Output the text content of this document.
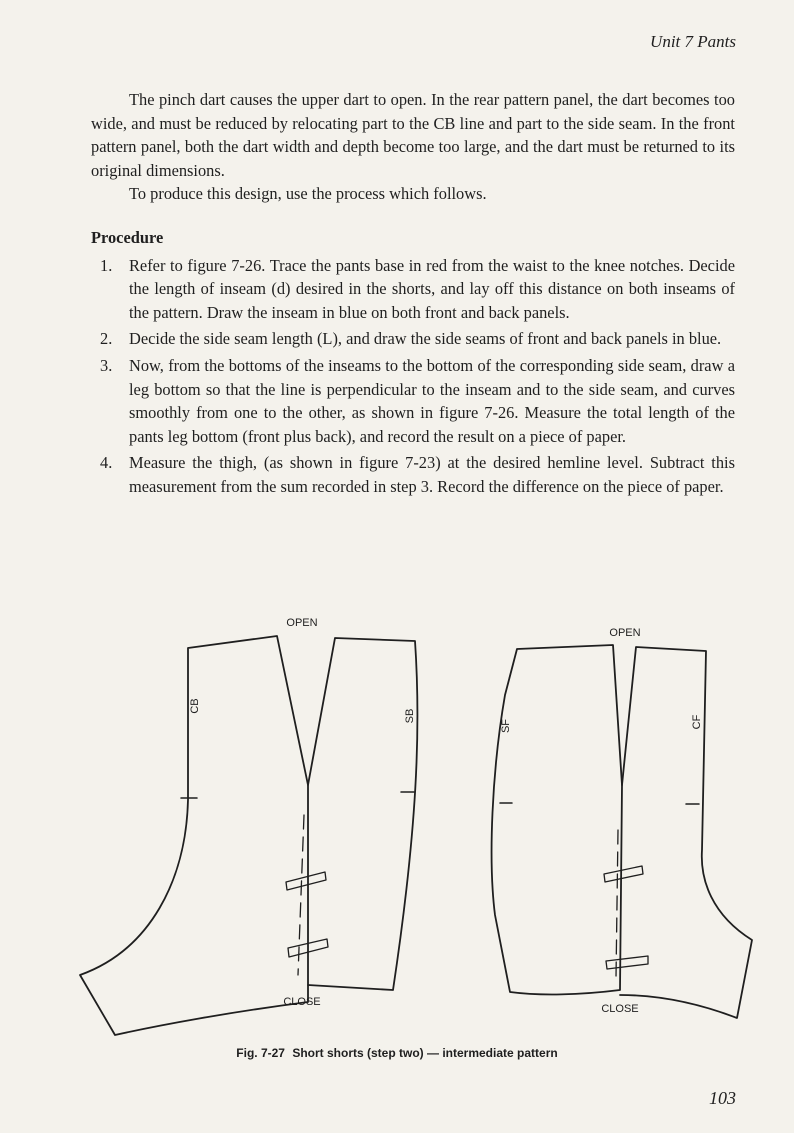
Unit 7 Pants

The pinch dart causes the upper dart to open. In the rear pattern panel, the dart becomes too wide, and must be reduced by relocating part to the CB line and part to the side seam. In the front pattern panel, both the dart width and depth become too large, and the dart must be returned to its original dimensions.

To produce this design, use the process which follows.

Procedure
1. Refer to figure 7-26. Trace the pants base in red from the waist to the knee notches. Decide the length of inseam (d) desired in the shorts, and lay off this distance on both inseams of the pattern. Draw the inseam in blue on both front and back panels.
2. Decide the side seam length (L), and draw the side seams of front and back panels in blue.
3. Now, from the bottoms of the inseams to the bottom of the corresponding side seam, draw a leg bottom so that the line is perpendicular to the inseam and to the side seam, and curves smoothly from one to the other, as shown in figure 7-26. Measure the total length of the pants leg bottom (front plus back), and record the result on a piece of paper.
4. Measure the thigh, (as shown in figure 7-23) at the desired hemline level. Subtract this measurement from the sum recorded in step 3. Record the difference on the piece of paper.
OPEN
CLOSE
CB
SB
OPEN
CLOSE
SF	CF
Fig. 7-27 Short shorts (step two) — intermediate pattern
103
